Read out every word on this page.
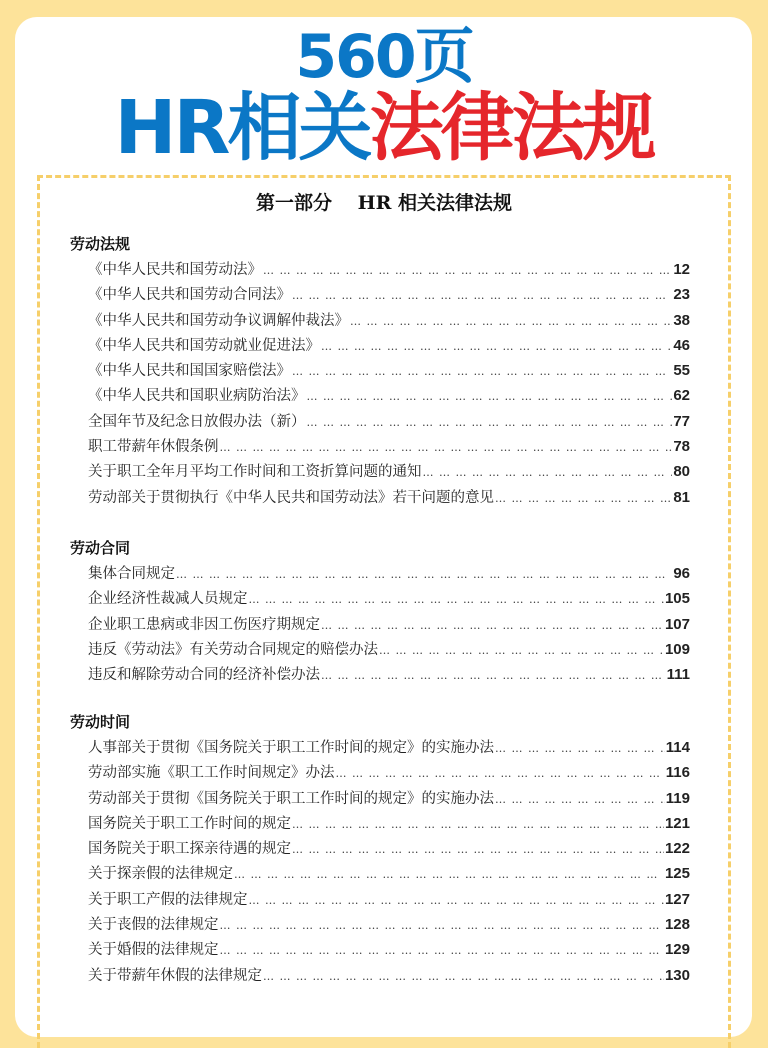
560页
HR相关法律法规
第一部分　 HR 相关法律法规
劳动法规
《中华人民共和国劳动法》 … … … … … … … … … … … … … … … … … … … … … … … … … … … … … … … … … … … … … … … … … … … …	12
《中华人民共和国劳动合同法》 … … … … … … … … … … … … … … … … … … … … … … … … … … … … … … … … … … … … … … … … … … … …	23
《中华人民共和国劳动争议调解仲裁法》 … … … … … … … … … … … … … … … … … … … … … … … … … … … … … … … … … … … … … … … … … … … …	38
《中华人民共和国劳动就业促进法》 … … … … … … … … … … … … … … … … … … … … … … … … … … … … … … … … … … … … … … … … … … … …	46
《中华人民共和国国家赔偿法》 … … … … … … … … … … … … … … … … … … … … … … … … … … … … … … … … … … … … … … … … … … … …	55
《中华人民共和国职业病防治法》 … … … … … … … … … … … … … … … … … … … … … … … … … … … … … … … … … … … … … … … … … … … …	62
全国年节及纪念日放假办法（新） … … … … … … … … … … … … … … … … … … … … … … … … … … … … … … … … … … … … … … … … … … … …	77
职工带薪年休假条例 … … … … … … … … … … … … … … … … … … … … … … … … … … … … … … … … … … … … … … … … … … … …	78
关于职工全年月平均工作时间和工资折算问题的通知 … … … … … … … … … … … … … … … … … … … … … … … … … … … … … … … … … … … … … … … … … … … …	80
劳动部关于贯彻执行《中华人民共和国劳动法》若干问题的意见 … … … … … … … … … … … … … … … … … … … … … … … … … … … … … … … … … … … … … … … … … … … …	81
劳动合同
集体合同规定 … … … … … … … … … … … … … … … … … … … … … … … … … … … … … … … … … … … … … … … … … … … …	96
企业经济性裁减人员规定 … … … … … … … … … … … … … … … … … … … … … … … … … … … … … … … … … … … … … … … … … … … …	105
企业职工患病或非因工伤医疗期规定 … … … … … … … … … … … … … … … … … … … … … … … … … … … … … … … … … … … … … … … … … … … …	107
违反《劳动法》有关劳动合同规定的赔偿办法 … … … … … … … … … … … … … … … … … … … … … … … … … … … … … … … … … … … … … … … … … … … …	109
违反和解除劳动合同的经济补偿办法 … … … … … … … … … … … … … … … … … … … … … … … … … … … … … … … … … … … … … … … … … … … …	111
劳动时间
人事部关于贯彻《国务院关于职工工作时间的规定》的实施办法 … … … … … … … … … … … … … … … … … … … … … … … … … … … … … … … … … … … … … … … … … … … …	114
劳动部实施《职工工作时间规定》办法 … … … … … … … … … … … … … … … … … … … … … … … … … … … … … … … … … … … … … … … … … … … …	116
劳动部关于贯彻《国务院关于职工工作时间的规定》的实施办法 … … … … … … … … … … … … … … … … … … … … … … … … … … … … … … … … … … … … … … … … … … … …	119
国务院关于职工工作时间的规定 … … … … … … … … … … … … … … … … … … … … … … … … … … … … … … … … … … … … … … … … … … … …	121
国务院关于职工探亲待遇的规定 … … … … … … … … … … … … … … … … … … … … … … … … … … … … … … … … … … … … … … … … … … … …	122
关于探亲假的法律规定 … … … … … … … … … … … … … … … … … … … … … … … … … … … … … … … … … … … … … … … … … … … …	125
关于职工产假的法律规定 … … … … … … … … … … … … … … … … … … … … … … … … … … … … … … … … … … … … … … … … … … … …	127
关于丧假的法律规定 … … … … … … … … … … … … … … … … … … … … … … … … … … … … … … … … … … … … … … … … … … … …	128
关于婚假的法律规定 … … … … … … … … … … … … … … … … … … … … … … … … … … … … … … … … … … … … … … … … … … … …	129
关于带薪年休假的法律规定 … … … … … … … … … … … … … … … … … … … … … … … … … … … … … … … … … … … … … … … … … … … …	130
